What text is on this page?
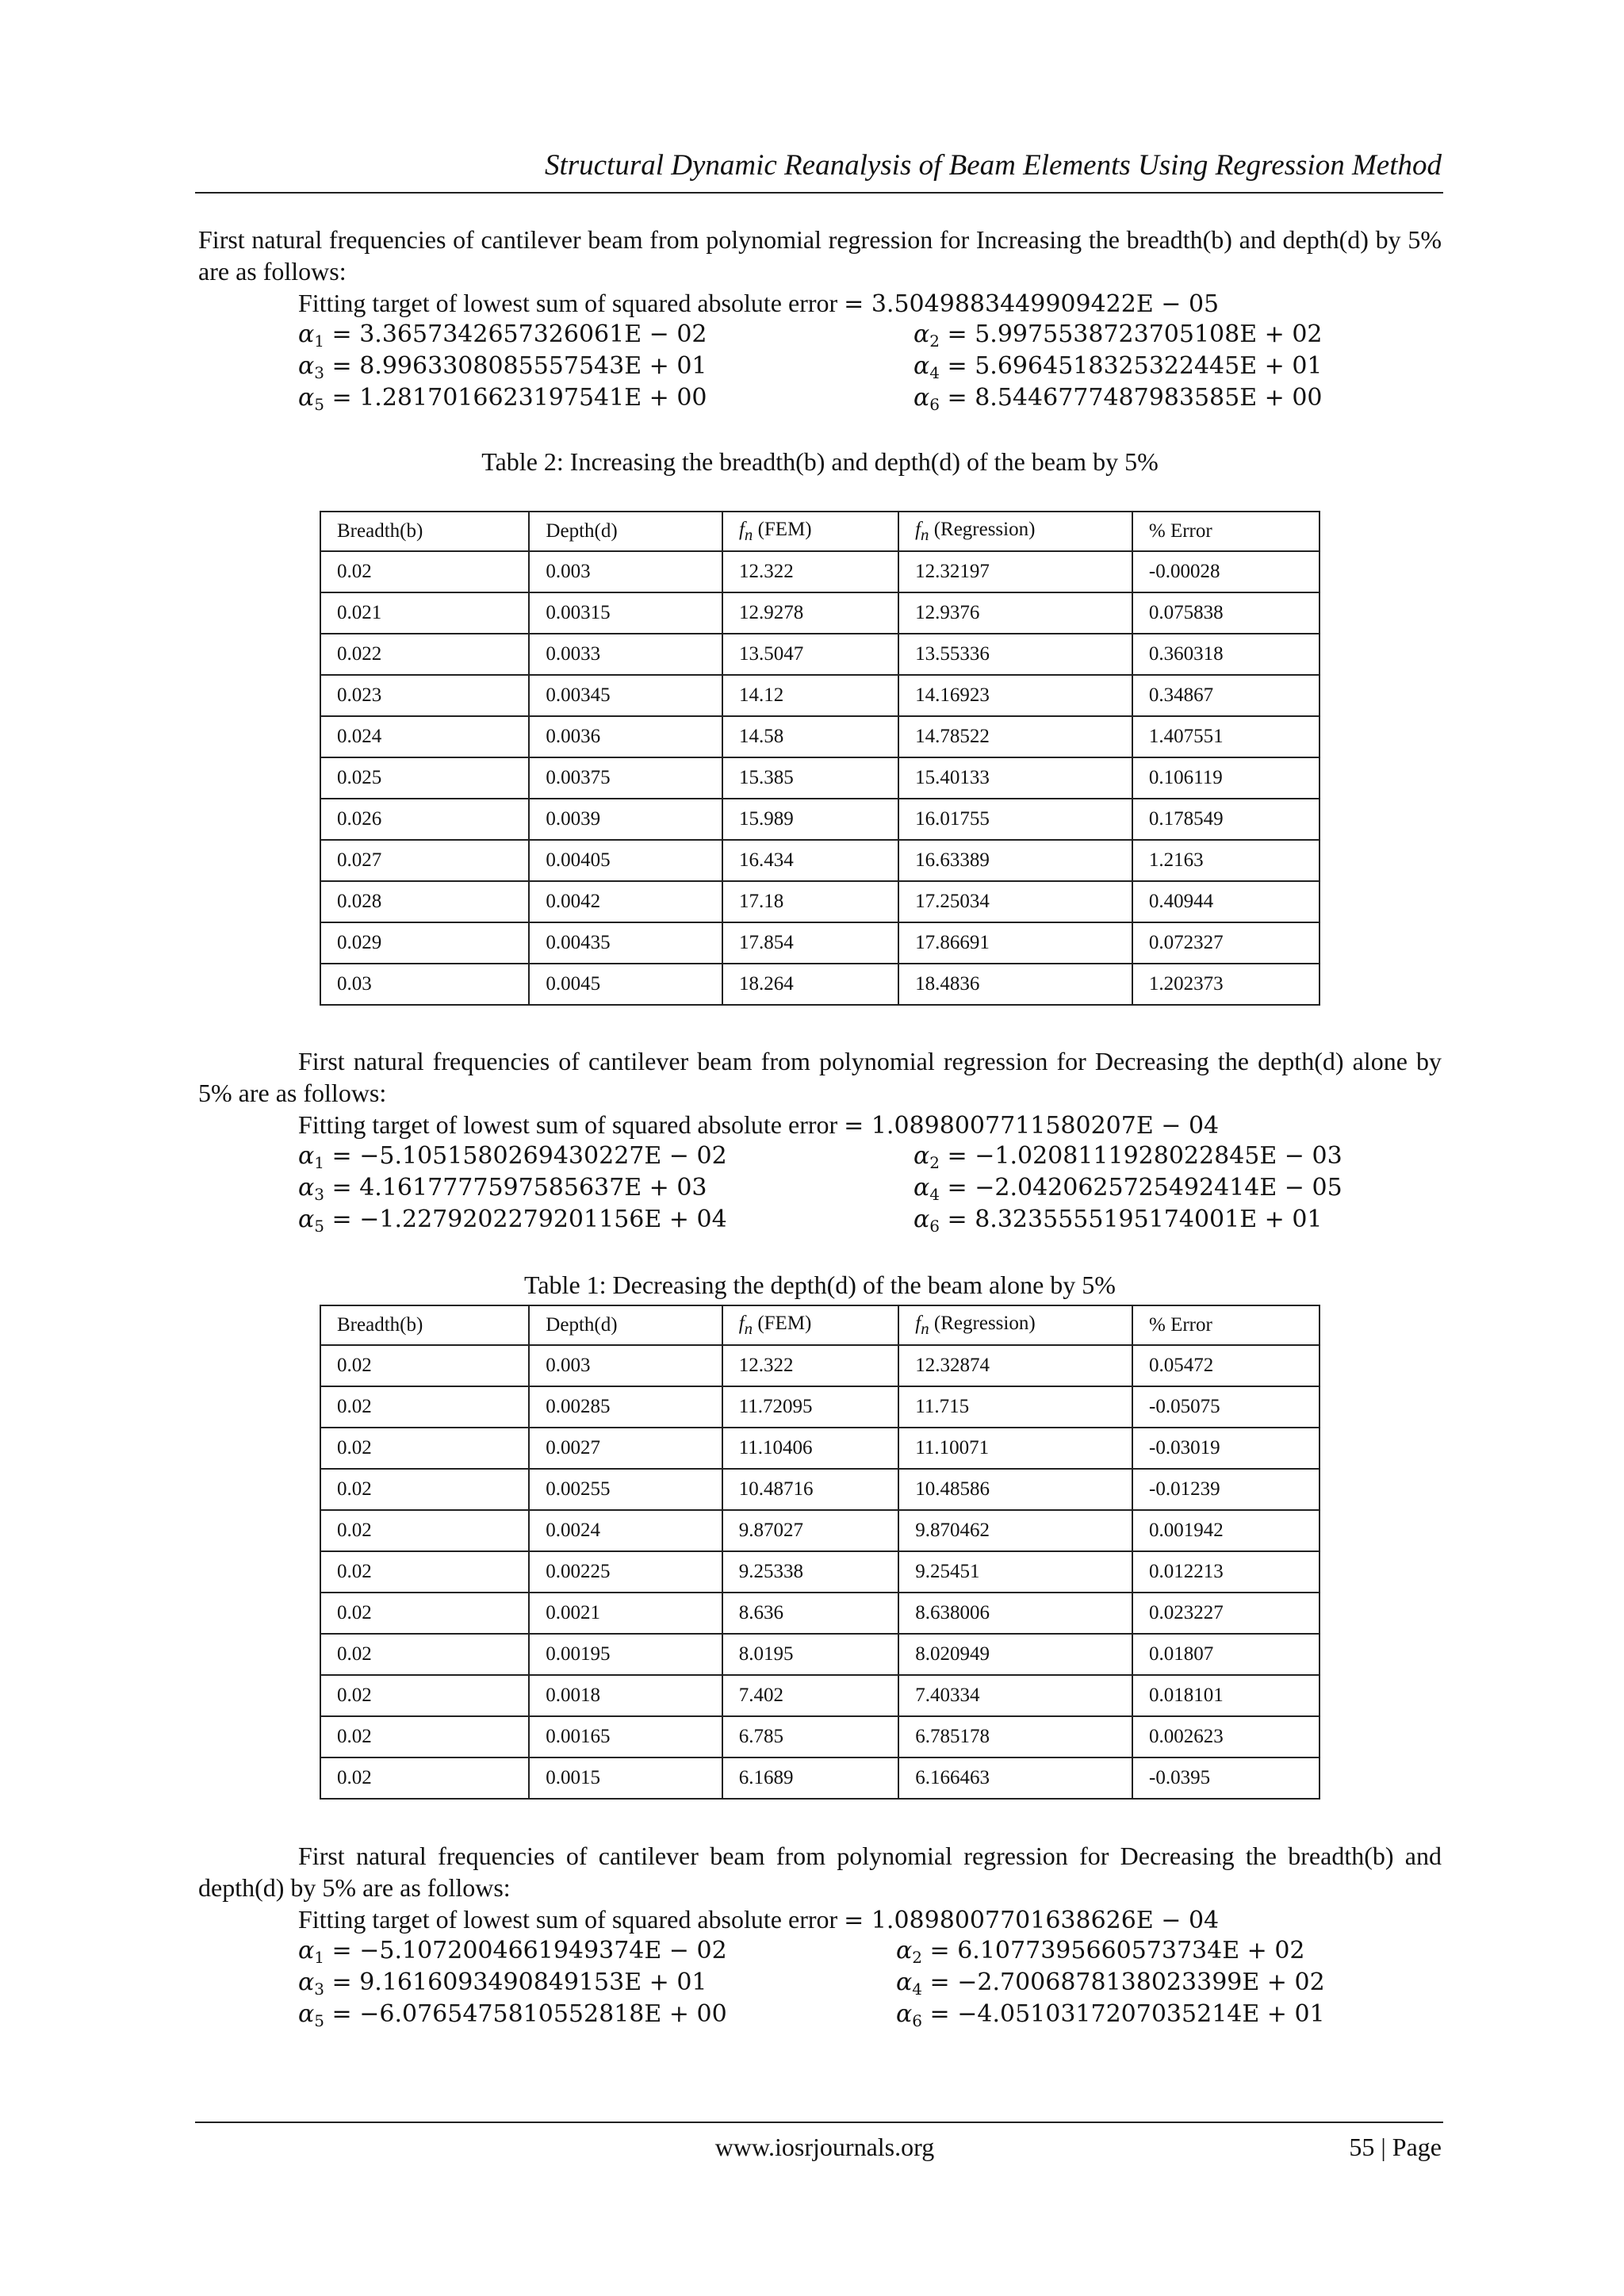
Structural Dynamic Reanalysis of Beam Elements Using Regression Method
First natural frequencies of cantilever beam from polynomial regression for Increasing the breadth(b) and depth(d) by 5% are as follows:
Fitting target of lowest sum of squared absolute error = 3.5049883449909422E − 05
$\alpha_1 = 3.3657342657326061E - 02$	$\alpha_2 = 5.9975538723705108E + 02$
$\alpha_3 = 8.9963308085557543E + 01$	$\alpha_4 = 5.6964518325322445E + 01$
$\alpha_5 = 1.2817016623197541E + 00$	$\alpha_6 = 8.5446777487983585E + 00$
Table 2: Increasing the breadth(b) and depth(d) of the beam by 5%
Breadth(b)	Depth(d)	$f_n$ (FEM)	$f_n$ (Regression)	% Error
0.02	0.003	12.322	12.32197	-0.00028
0.021	0.00315	12.9278	12.9376	0.075838
0.022	0.0033	13.5047	13.55336	0.360318
0.023	0.00345	14.12	14.16923	0.34867
0.024	0.0036	14.58	14.78522	1.407551
0.025	0.00375	15.385	15.40133	0.106119
0.026	0.0039	15.989	16.01755	0.178549
0.027	0.00405	16.434	16.63389	1.2163
0.028	0.0042	17.18	17.25034	0.40944
0.029	0.00435	17.854	17.86691	0.072327
0.03	0.0045	18.264	18.4836	1.202373
First natural frequencies of cantilever beam from polynomial regression for Decreasing the depth(d) alone by 5% are as follows:
Fitting target of lowest sum of squared absolute error = 1.0898007711580207E − 04
$\alpha_1 = -5.1051580269430227E - 02$	$\alpha_2 = -1.0208111928022845E - 03$
$\alpha_3 = 4.1617777597585637E + 03$	$\alpha_4 = -2.0420625725492414E - 05$
$\alpha_5 = -1.2279202279201156E + 04$	$\alpha_6 = 8.3235555195174001E + 01$
Table 1: Decreasing the depth(d) of the beam alone by 5%
Breadth(b)	Depth(d)	$f_n$ (FEM)	$f_n$ (Regression)	% Error
0.02	0.003	12.322	12.32874	0.05472
0.02	0.00285	11.72095	11.715	-0.05075
0.02	0.0027	11.10406	11.10071	-0.03019
0.02	0.00255	10.48716	10.48586	-0.01239
0.02	0.0024	9.87027	9.870462	0.001942
0.02	0.00225	9.25338	9.25451	0.012213
0.02	0.0021	8.636	8.638006	0.023227
0.02	0.00195	8.0195	8.020949	0.01807
0.02	0.0018	7.402	7.40334	0.018101
0.02	0.00165	6.785	6.785178	0.002623
0.02	0.0015	6.1689	6.166463	-0.0395
First natural frequencies of cantilever beam from polynomial regression for Decreasing the breadth(b) and depth(d) by 5% are as follows:
Fitting target of lowest sum of squared absolute error = 1.0898007701638626E − 04
$\alpha_1 = -5.1072004661949374E - 02$	$\alpha_2 = 6.1077395660573734E + 02$
$\alpha_3 = 9.1616093490849153E + 01$	$\alpha_4 = -2.7006878138023399E + 02$
$\alpha_5 = -6.0765475810552818E + 00$	$\alpha_6 = -4.0510317207035214E + 01$
www.iosrjournals.org	55 | Page
